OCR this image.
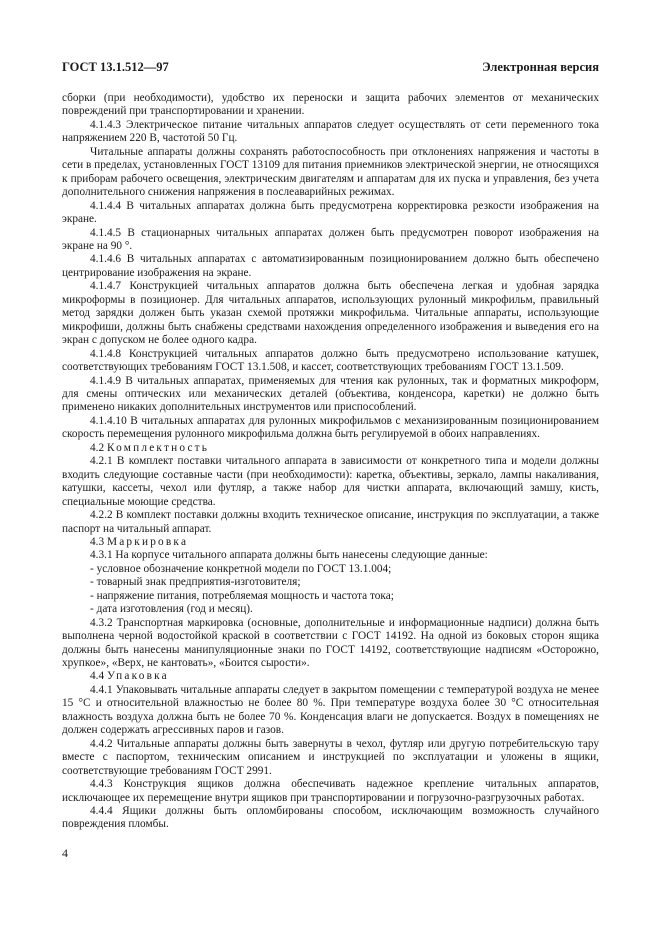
ГОСТ 13.1.512—97	Электронная версия

сборки (при необходимости), удобство их переноски и защита рабочих элементов от механических повреждений при транспортировании и хранении.

4.1.4.3 Электрическое питание читальных аппаратов следует осуществлять от сети переменного тока напряжением 220 В, частотой 50 Гц.

Читальные аппараты должны сохранять работоспособность при отклонениях напряжения и частоты в сети в пределах, установленных ГОСТ 13109 для питания приемников электрической энергии, не относящихся к приборам рабочего освещения, электрическим двигателям и аппаратам для их пуска и управления, без учета дополнительного снижения напряжения в послеаварийных режимах.

4.1.4.4 В читальных аппаратах должна быть предусмотрена корректировка резкости изображения на экране.

4.1.4.5 В стационарных читальных аппаратах должен быть предусмотрен поворот изображения на экране на 90 °.

4.1.4.6 В читальных аппаратах с автоматизированным позиционированием должно быть обеспечено центрирование изображения на экране.

4.1.4.7 Конструкцией читальных аппаратов должна быть обеспечена легкая и удобная зарядка микроформы в позиционер. Для читальных аппаратов, использующих рулонный микрофильм, правильный метод зарядки должен быть указан схемой протяжки микрофильма. Читальные аппараты, использующие микрофиши, должны быть снабжены средствами нахождения определенного изображения и выведения его на экран с допуском не более одного кадра.

4.1.4.8 Конструкцией читальных аппаратов должно быть предусмотрено использование катушек, соответствующих требованиям ГОСТ 13.1.508, и кассет, соответствующих требованиям ГОСТ 13.1.509.

4.1.4.9 В читальных аппаратах, применяемых для чтения как рулонных, так и форматных микроформ, для смены оптических или механических деталей (объектива, конденсора, каретки) не должно быть применено никаких дополнительных инструментов или приспособлений.

4.1.4.10 В читальных аппаратах для рулонных микрофильмов с механизированным позиционированием скорость перемещения рулонного микрофильма должна быть регулируемой в обоих направлениях.

4.2 Комплектность

4.2.1 В комплект поставки читального аппарата в зависимости от конкретного типа и модели должны входить следующие составные части (при необходимости): каретка, объективы, зеркало, лампы накаливания, катушки, кассеты, чехол или футляр, а также набор для чистки аппарата, включающий замшу, кисть, специальные моющие средства.

4.2.2 В комплект поставки должны входить техническое описание, инструкция по эксплуатации, а также паспорт на читальный аппарат.

4.3 Маркировка

4.3.1 На корпусе читального аппарата должны быть нанесены следующие данные:

- условное обозначение конкретной модели по ГОСТ 13.1.004;

- товарный знак предприятия-изготовителя;

- напряжение питания, потребляемая мощность и частота тока;

- дата изготовления (год и месяц).

4.3.2 Транспортная маркировка (основные, дополнительные и информационные надписи) должна быть выполнена черной водостойкой краской в соответствии с ГОСТ 14192. На одной из боковых сторон ящика должны быть нанесены манипуляционные знаки по ГОСТ 14192, соответствующие надписям «Осторожно, хрупкое», «Верх, не кантовать», «Боится сырости».

4.4 Упаковка

4.4.1 Упаковывать читальные аппараты следует в закрытом помещении с температурой воздуха не менее 15 °С и относительной влажностью не более 80 %. При температуре воздуха более 30 °С относительная влажность воздуха должна быть не более 70 %. Конденсация влаги не допускается. Воздух в помещениях не должен содержать агрессивных паров и газов.

4.4.2 Читальные аппараты должны быть завернуты в чехол, футляр или другую потребительскую тару вместе с паспортом, техническим описанием и инструкцией по эксплуатации и уложены в ящики, соответствующие требованиям ГОСТ 2991.

4.4.3 Конструкция ящиков должна обеспечивать надежное крепление читальных аппаратов, исключающее их перемещение внутри ящиков при транспортировании и погрузочно-разгрузочных работах.

4.4.4 Ящики должны быть опломбированы способом, исключающим возможность случайного повреждения пломбы.

4
